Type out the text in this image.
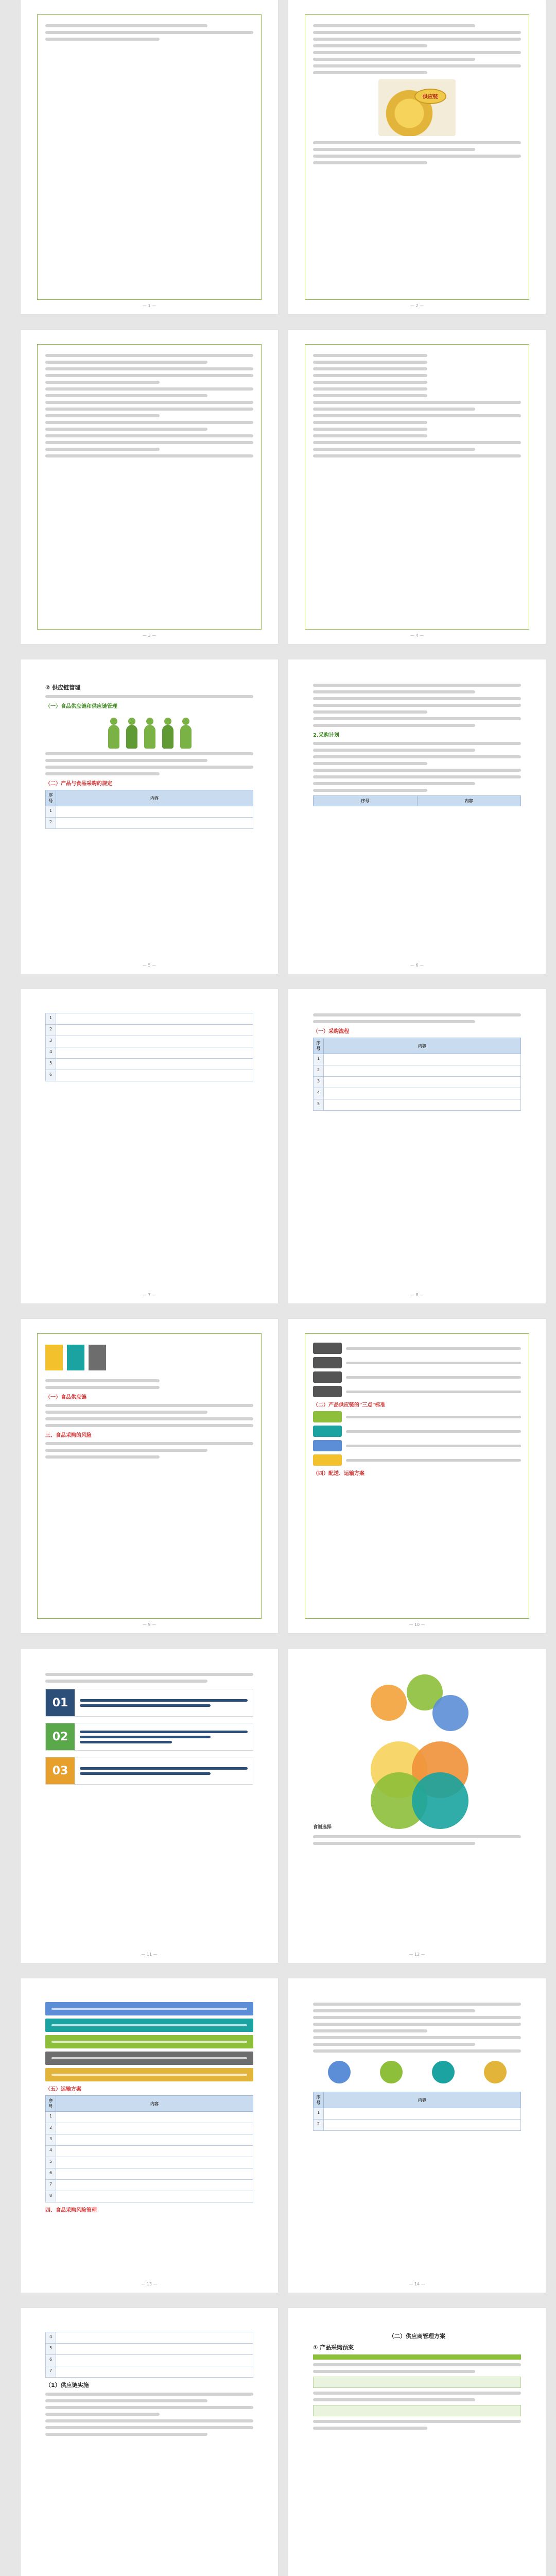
— 1 —
供应链
— 2 —
— 3 —	— 4 —
② 供应链管理
（一）食品供应链和供应链管理
（二）产品与食品采购的规定
序号	内容
1	
2	
— 5 —
2.采购计划
序号	内容
— 6 —
1	
2	
3	
4	
5	
6	
— 7 —
（一）采购流程
序号	内容
1	
2	
3	
4	
5	
— 8 —
（一）食品供应链
三、食品采购的风险
— 9 —
（二）产品供应链的"三点"标准
（四）配送、运输方案
— 10 —
01
02
03
— 11 —
食谱选择
— 12 —
（五）运输方案
序号	内容
1	
2	
3	
4	
5	
6	
7	
8	
四、食品采购风险管理
— 13 —
序号	内容
1	
2	
— 14 —
4	
5	
6	
7	
（1）供应链实施
（二）供应商管理方案
① 产品采购预案
